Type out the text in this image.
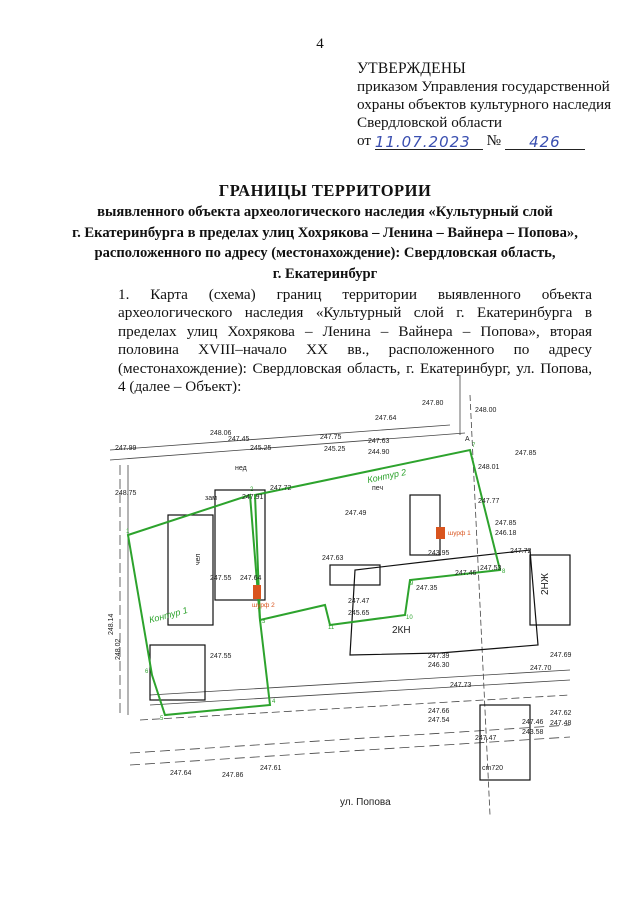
4
УТВЕРЖДЕНЫ
приказом Управления государственной
охраны объектов культурного наследия
Свердловской области
от 11.07.2023 № 426
ГРАНИЦЫ ТЕРРИТОРИИ
выявленного объекта археологического наследия «Культурный слой
г. Екатеринбурга в пределах улиц Хохрякова – Ленина – Вайнера – Попова»,
расположенного по адресу (местонахождение): Свердловская область,
г. Екатеринбург
1. Карта (схема) границ территории выявленного объекта археологического наследия «Культурный слой г. Екатеринбурга в пределах улиц Хохрякова – Ленина – Вайнера – Попова», вторая половина XVIII–начало XX вв., расположенного по адресу (местонахождение): Свердловская область, г. Екатеринбург, ул. Попова, 4 (далее – Объект):
Контур 1
Контур 2
шурф 2
шурф 1
2КН
2НЖ
cm720
ул. Попова
247.80
248.00
247.64
247.85
248.06
247.45
245.25
247.75
245.25
247.63
244.90
247.99
248.01
247.77
248.75
247.91
247.72
247.49
247.55 247.64
247.63
247.85
246.18
243.95	247.72
247.46
247.53
247.47
247.35
245.65
247.39
246.30
248.14
248.02	247.55	247.69
247.70
247.73
247.66
247.54
247.47
247.46
243.58
247.62
247.48
247.61
247.64	247.86
зам
нед
чел
печ
А
1
2
3
4
5
6
7
8
9
10
11
